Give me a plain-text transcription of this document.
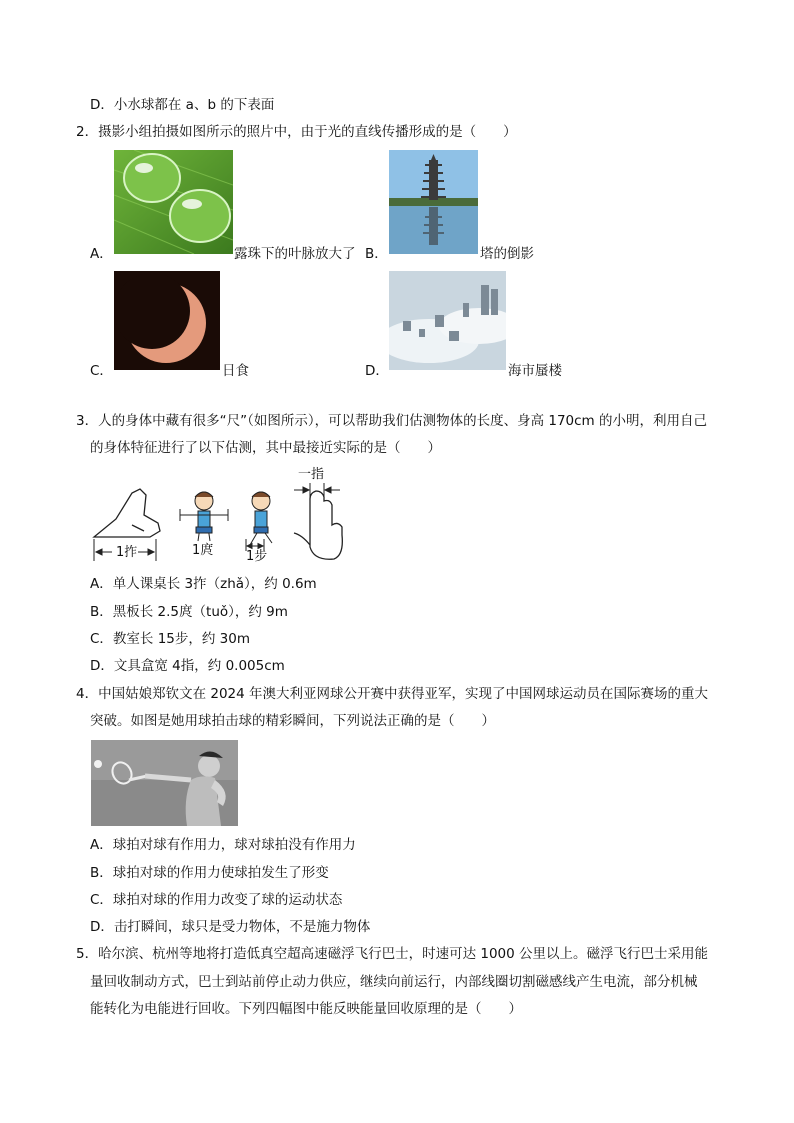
D．小水球都在 a、b 的下表面
2．摄影小组拍摄如图所示的照片中，由于光的直线传播形成的是（　　）
A．	露珠下的叶脉放大了 B．	塔的倒影
C．	日食	D．	海市蜃楼
3．人的身体中藏有很多“尺”（如图所示），可以帮助我们估测物体的长度、身高 170cm 的小明，利用自己
的身体特征进行了以下估测，其中最接近实际的是（　　）
1拃	1庹	1步
一指
A．单人课桌长 3拃（zhǎ），约 0.6m
B．黑板长 2.5庹（tuǒ），约 9m
C．教室长 15步，约 30m
D．文具盒宽 4指，约 0.005cm
4．中国姑娘郑钦文在 2024 年澳大利亚网球公开赛中获得亚军，实现了中国网球运动员在国际赛场的重大
突破。如图是她用球拍击球的精彩瞬间，下列说法正确的是（　　）
A．球拍对球有作用力，球对球拍没有作用力
B．球拍对球的作用力使球拍发生了形变
C．球拍对球的作用力改变了球的运动状态
D．击打瞬间，球只是受力物体，不是施力物体
5．哈尔滨、杭州等地将打造低真空超高速磁浮飞行巴士，时速可达 1000 公里以上。磁浮飞行巴士采用能
量回收制动方式，巴士到站前停止动力供应，继续向前运行，内部线圈切割磁感线产生电流，部分机械
能转化为电能进行回收。下列四幅图中能反映能量回收原理的是（　　）
